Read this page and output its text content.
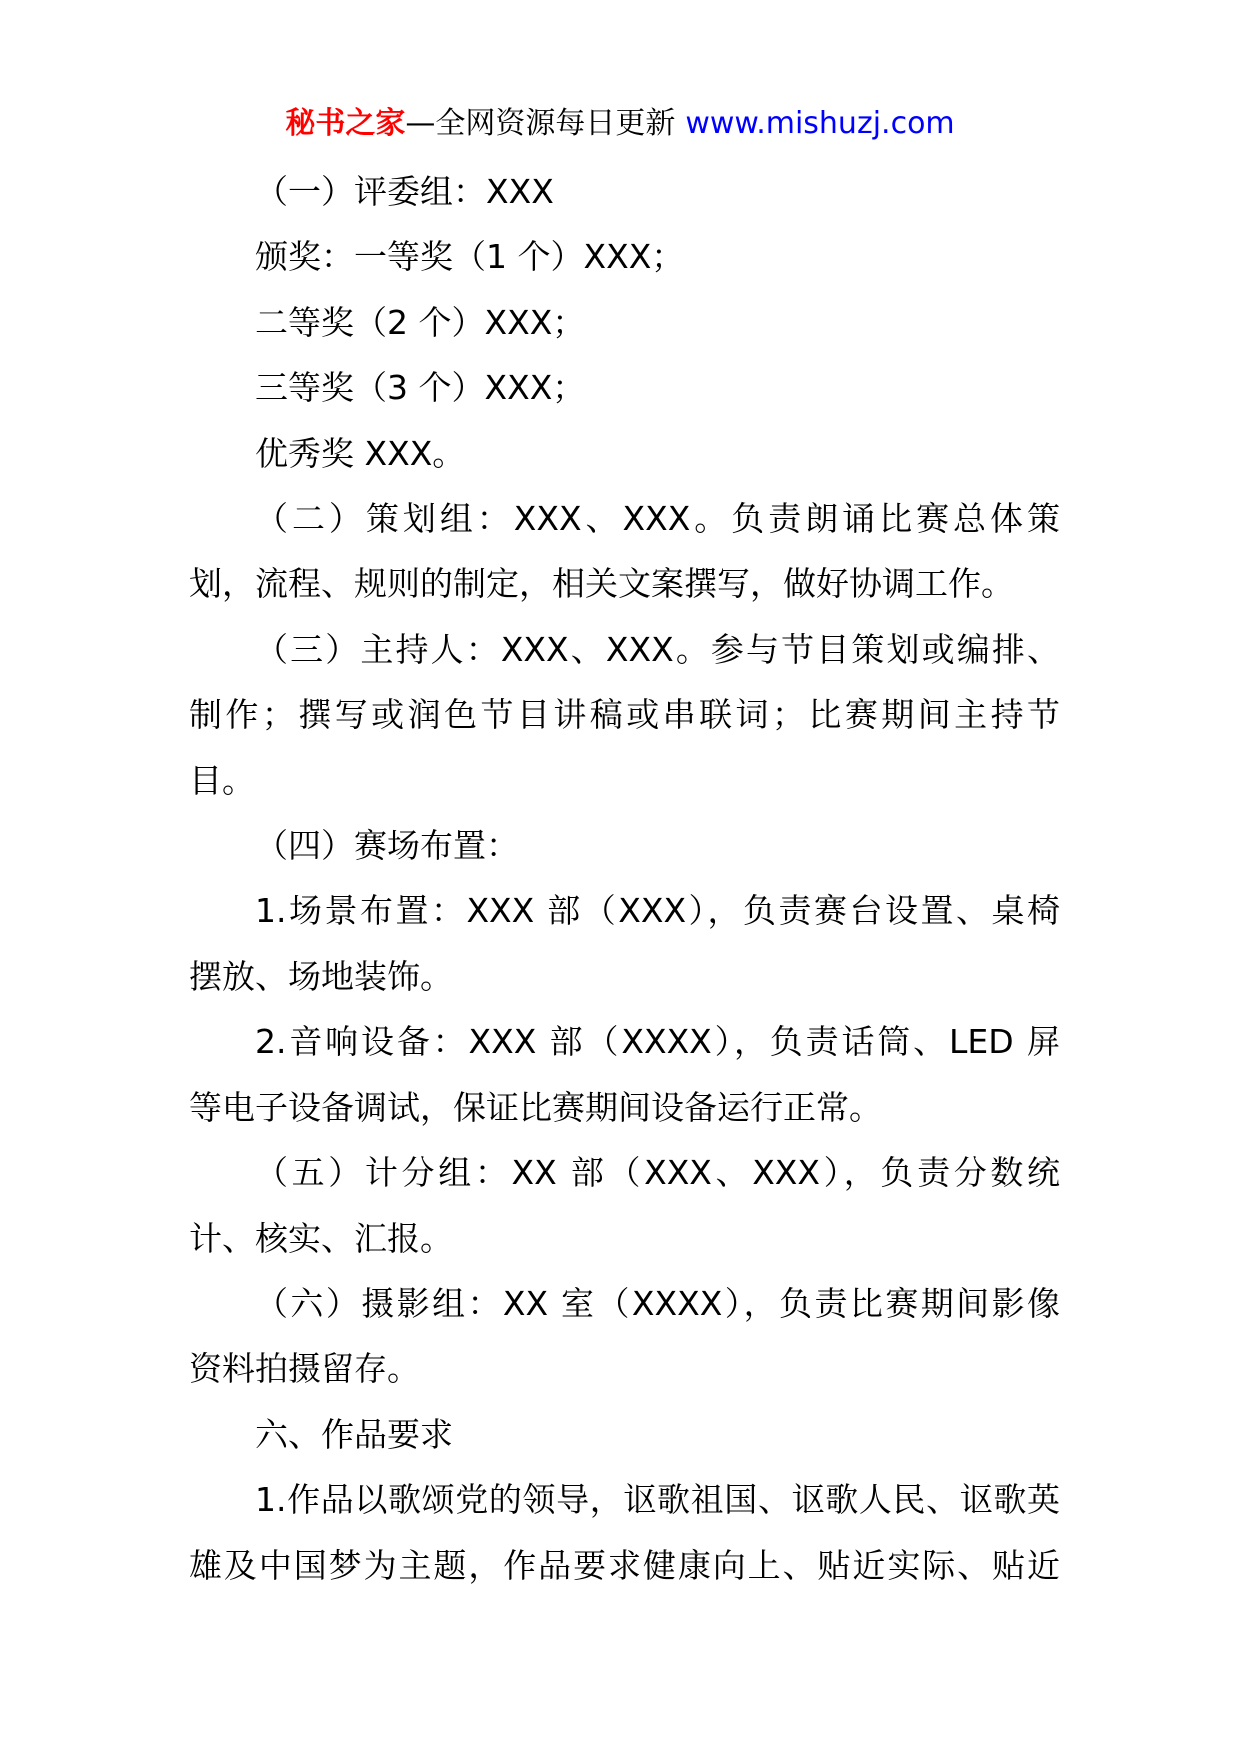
秘书之家—全网资源每日更新 www.mishuzj.com
（一）评委组：XXX
颁奖：一等奖（1 个）XXX；
二等奖（2 个）XXX；
三等奖（3 个）XXX；
优秀奖 XXX。
（二）策划组：XXX、XXX。负责朗诵比赛总体策
划，流程、规则的制定，相关文案撰写，做好协调工作。
（三）主持人：XXX、XXX。参与节目策划或编排、
制作；撰写或润色节目讲稿或串联词；比赛期间主持节
目。
（四）赛场布置：
1.场景布置：XXX 部（XXX），负责赛台设置、桌椅
摆放、场地装饰。
2.音响设备：XXX 部（XXXX），负责话筒、LED 屏
等电子设备调试，保证比赛期间设备运行正常。
（五）计分组：XX 部（XXX、XXX），负责分数统
计、核实、汇报。
（六）摄影组：XX 室（XXXX），负责比赛期间影像
资料拍摄留存。
六、作品要求
1.作品以歌颂党的领导，讴歌祖国、讴歌人民、讴歌英
雄及中国梦为主题，作品要求健康向上、贴近实际、贴近
